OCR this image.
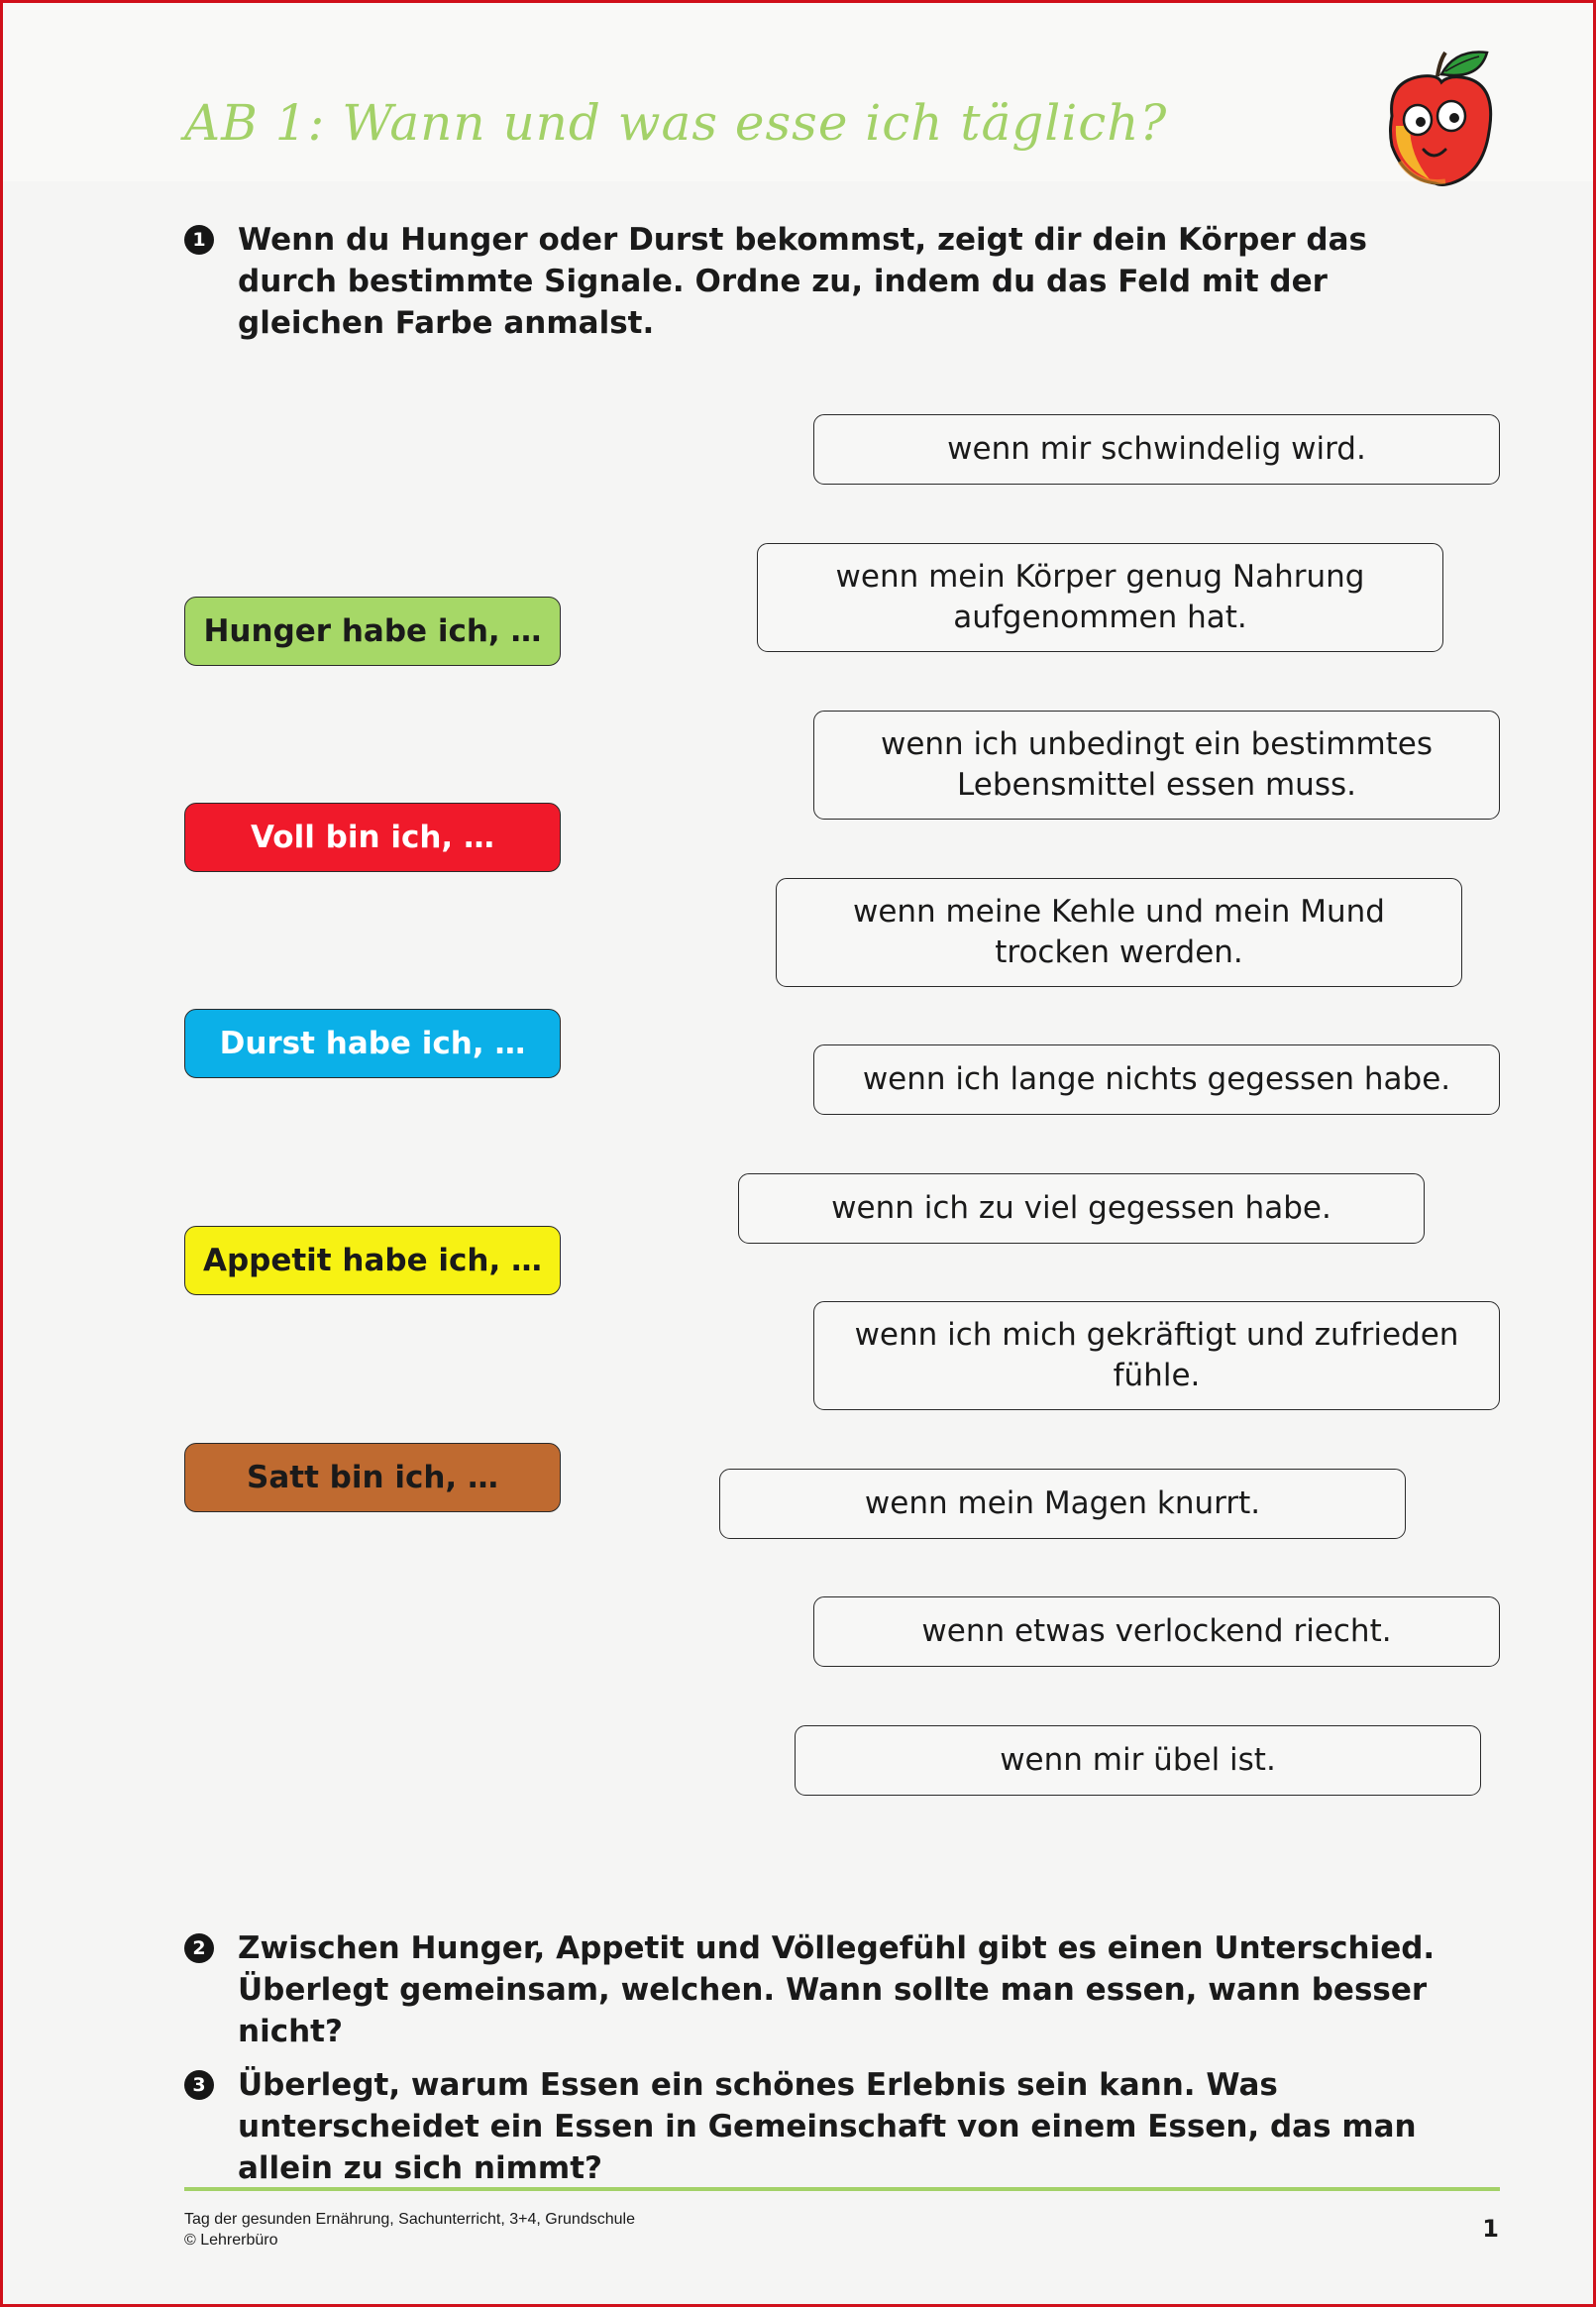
AB 1: Wann und was esse ich täglich?
1 Wenn du Hunger oder Durst bekommst, zeigt dir dein Körper das durch bestimmte Signale. Ordne zu, indem du das Feld mit der gleichen Farbe anmalst.
Hunger habe ich, …
Voll bin ich, …
Durst habe ich, …
Appetit habe ich, …
Satt bin ich, …
wenn mir schwindelig wird.
wenn mein Körper genug Nahrung aufgenommen hat.
wenn ich unbedingt ein bestimmtes Lebensmittel essen muss.
wenn meine Kehle und mein Mund trocken werden.
wenn ich lange nichts gegessen habe.
wenn ich zu viel gegessen habe.
wenn ich mich gekräftigt und zufrieden fühle.
wenn mein Magen knurrt.
wenn etwas verlockend riecht.
wenn mir übel ist.
2 Zwischen Hunger, Appetit und Völlegefühl gibt es einen Unterschied. Überlegt gemeinsam, welchen. Wann sollte man essen, wann besser nicht?
3 Überlegt, warum Essen ein schönes Erlebnis sein kann. Was unterscheidet ein Essen in Gemeinschaft von einem Essen, das man allein zu sich nimmt?
Tag der gesunden Ernährung, Sachunterricht, 3+4, Grundschule
© Lehrerbüro	1
